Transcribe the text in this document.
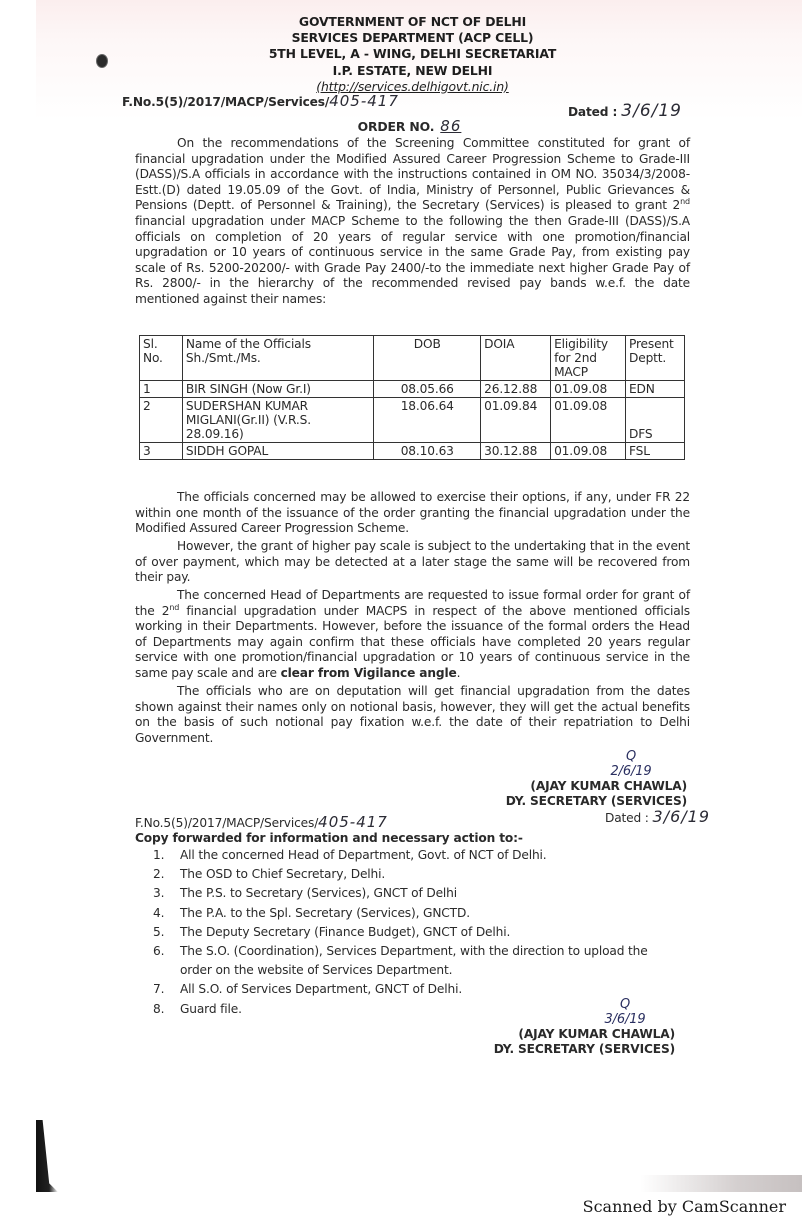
GOVTERNMENT OF NCT OF DELHI
SERVICES DEPARTMENT (ACP CELL)
5TH LEVEL, A - WING, DELHI SECRETARIAT
I.P. ESTATE, NEW DELHI
(http://services.delhigovt.nic.in)
F.No.5(5)/2017/MACP/Services/405-417
Dated : 3/6/19
ORDER NO. 86
On the recommendations of the Screening Committee constituted for grant of financial upgradation under the Modified Assured Career Progression Scheme to Grade-III (DASS)/S.A officials in accordance with the instructions contained in OM NO. 35034/3/2008-Estt.(D) dated 19.05.09 of the Govt. of India, Ministry of Personnel, Public Grievances & Pensions (Deptt. of Personnel & Training), the Secretary (Services) is pleased to grant 2nd financial upgradation under MACP Scheme to the following the then Grade-III (DASS)/S.A officials on completion of 20 years of regular service with one promotion/financial upgradation or 10 years of continuous service in the same Grade Pay, from existing pay scale of Rs. 5200-20200/- with Grade Pay 2400/-to the immediate next higher Grade Pay of Rs. 2800/- in the hierarchy of the recommended revised pay bands w.e.f. the date mentioned against their names:
Sl. No.	Name of the Officials Sh./Smt./Ms.	DOB	DOIA	Eligibility for 2nd MACP	Present Deptt.
1	BIR SINGH (Now Gr.I)	08.05.66	26.12.88	01.09.08	EDN
2	SUDERSHAN KUMAR MIGLANI(Gr.II) (V.R.S. 28.09.16)	18.06.64	01.09.84	01.09.08	DFS
3	SIDDH GOPAL	08.10.63	30.12.88	01.09.08	FSL
The officials concerned may be allowed to exercise their options, if any, under FR 22 within one month of the issuance of the order granting the financial upgradation under the Modified Assured Career Progression Scheme.
However, the grant of higher pay scale is subject to the undertaking that in the event of over payment, which may be detected at a later stage the same will be recovered from their pay.
The concerned Head of Departments are requested to issue formal order for grant of the 2nd financial upgradation under MACPS in respect of the above mentioned officials working in their Departments. However, before the issuance of the formal orders the Head of Departments may again confirm that these officials have completed 20 years regular service with one promotion/financial upgradation or 10 years of continuous service in the same pay scale and are clear from Vigilance angle.
The officials who are on deputation will get financial upgradation from the dates shown against their names only on notional basis, however, they will get the actual benefits on the basis of such notional pay fixation w.e.f. the date of their repatriation to Delhi Government.
Q
2/6/19
(AJAY KUMAR CHAWLA)
DY. SECRETARY (SERVICES)
F.No.5(5)/2017/MACP/Services/405-417	Dated : 3/6/19
Copy forwarded for information and necessary action to:-
1.	All the concerned Head of Department, Govt. of NCT of Delhi.
2.	The OSD to Chief Secretary, Delhi.
3.	The P.S. to Secretary (Services), GNCT of Delhi
4.	The P.A. to the Spl. Secretary (Services), GNCTD.
5.	The Deputy Secretary (Finance Budget), GNCT of Delhi.
6.	The S.O. (Coordination), Services Department, with the direction to upload the order on the website of Services Department.
7.	All S.O. of Services Department, GNCT of Delhi.
8.	Guard file.	Q
3/6/19
(AJAY KUMAR CHAWLA)
DY. SECRETARY (SERVICES)
Scanned by CamScanner
